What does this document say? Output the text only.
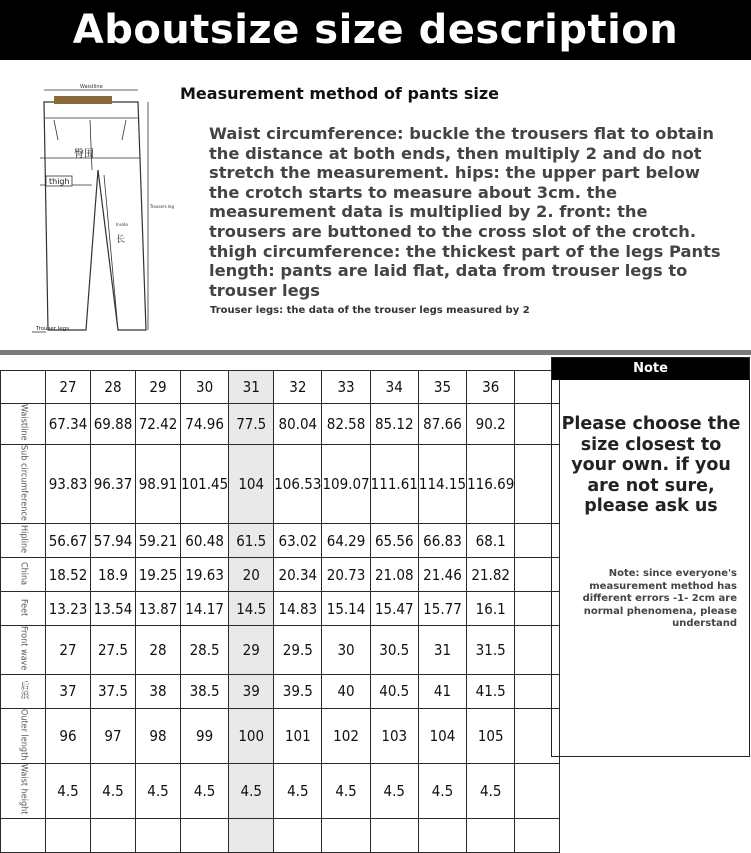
Aboutsize size description
Waistline
臀围
thigh
Trousers leg
Inside
长
Trouser legs
Measurement method of pants size
Waist circumference: buckle the trousers flat to obtain the distance at both ends, then multiply 2 and do not stretch the measurement. hips: the upper part below the crotch starts to measure about 3cm. the measurement data is multiplied by 2. front: the trousers are buttoned to the cross slot of the crotch. thigh circumference: the thickest part of the legs Pants length: pants are laid flat, data from trouser legs to trouser legs
Trouser legs: the data of the trouser legs measured by 2
	27	28	29	30	31	32	33	34	35	36	
Waistline	67.34	69.88	72.42	74.96	77.5	80.04	82.58	85.12	87.66	90.2	
Sub circumference	93.83	96.37	98.91	101.45	104	106.53	109.07	111.61	114.15	116.69	
Hipline	56.67	57.94	59.21	60.48	61.5	63.02	64.29	65.56	66.83	68.1	
China	18.52	18.9	19.25	19.63	20	20.34	20.73	21.08	21.46	21.82	
Feet	13.23	13.54	13.87	14.17	14.5	14.83	15.14	15.47	15.77	16.1	
Front wave	27	27.5	28	28.5	29	29.5	30	30.5	31	31.5	
后浪	37	37.5	38	38.5	39	39.5	40	40.5	41	41.5	
Outer length	96	97	98	99	100	101	102	103	104	105	
Waist height	4.5	4.5	4.5	4.5	4.5	4.5	4.5	4.5	4.5	4.5	

Note
Please choose the size closest to your own. if you are not sure, please ask us
Note: since everyone's measurement method has different errors -1- 2cm are normal phenomena, please understand
